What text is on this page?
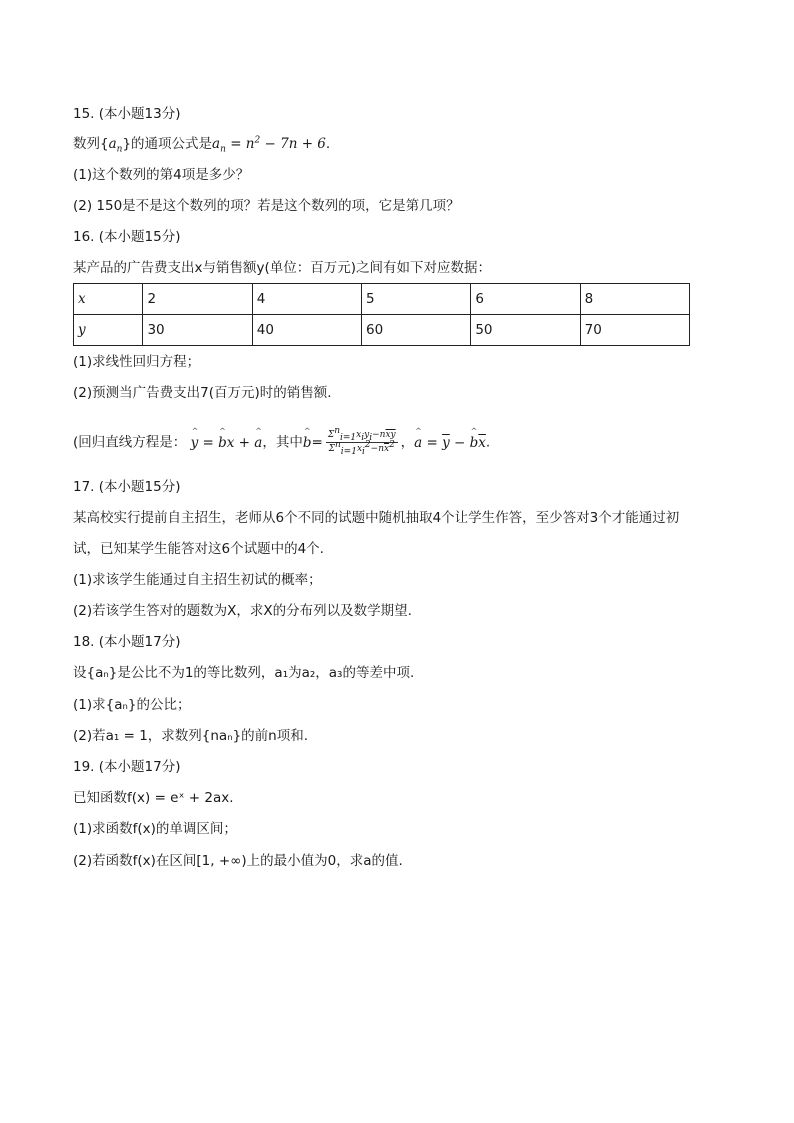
15. (本小题13分)
数列$\{a_n\}$的通项公式是$a_n = n^2 - 7n + 6$.
(1)这个数列的第4项是多少？
(2) 150是不是这个数列的项？若是这个数列的项，它是第几项？
16. (本小题15分)
某产品的广告费支出x与销售额y(单位：百万元)之间有如下对应数据：
x	2	4	5	6	8
y	30	40	60	50	70
(1)求线性回归方程；
(2)预测当广告费支出7(百万元)时的销售额.
(回归直线方程是： ^ y = ^ bx + ^ a，其中^ $b= \frac{\Sigma^n_{i=1}x_iy_i-n\overline{x}\overline{y}}{\Sigma^n_{i=1}x_i^2-n\overline{x}^2}$ ，^ $a = \overline{y}$ − ^ $b\overline{x}$.
17. (本小题15分)
某高校实行提前自主招生，老师从6个不同的试题中随机抽取4个让学生作答，至少答对3个才能通过初
试，已知某学生能答对这6个试题中的4个.
(1)求该学生能通过自主招生初试的概率；
(2)若该学生答对的题数为X，求X的分布列以及数学期望.
18. (本小题17分)
设{aₙ}是公比不为1的等比数列，a₁为a₂，a₃的等差中项.
(1)求{aₙ}的公比；
(2)若a₁ = 1，求数列{naₙ}的前n项和.
19. (本小题17分)
已知函数f(x) = eˣ + 2ax.
(1)求函数f(x)的单调区间；
(2)若函数f(x)在区间[1, +∞)上的最小值为0，求a的值.
